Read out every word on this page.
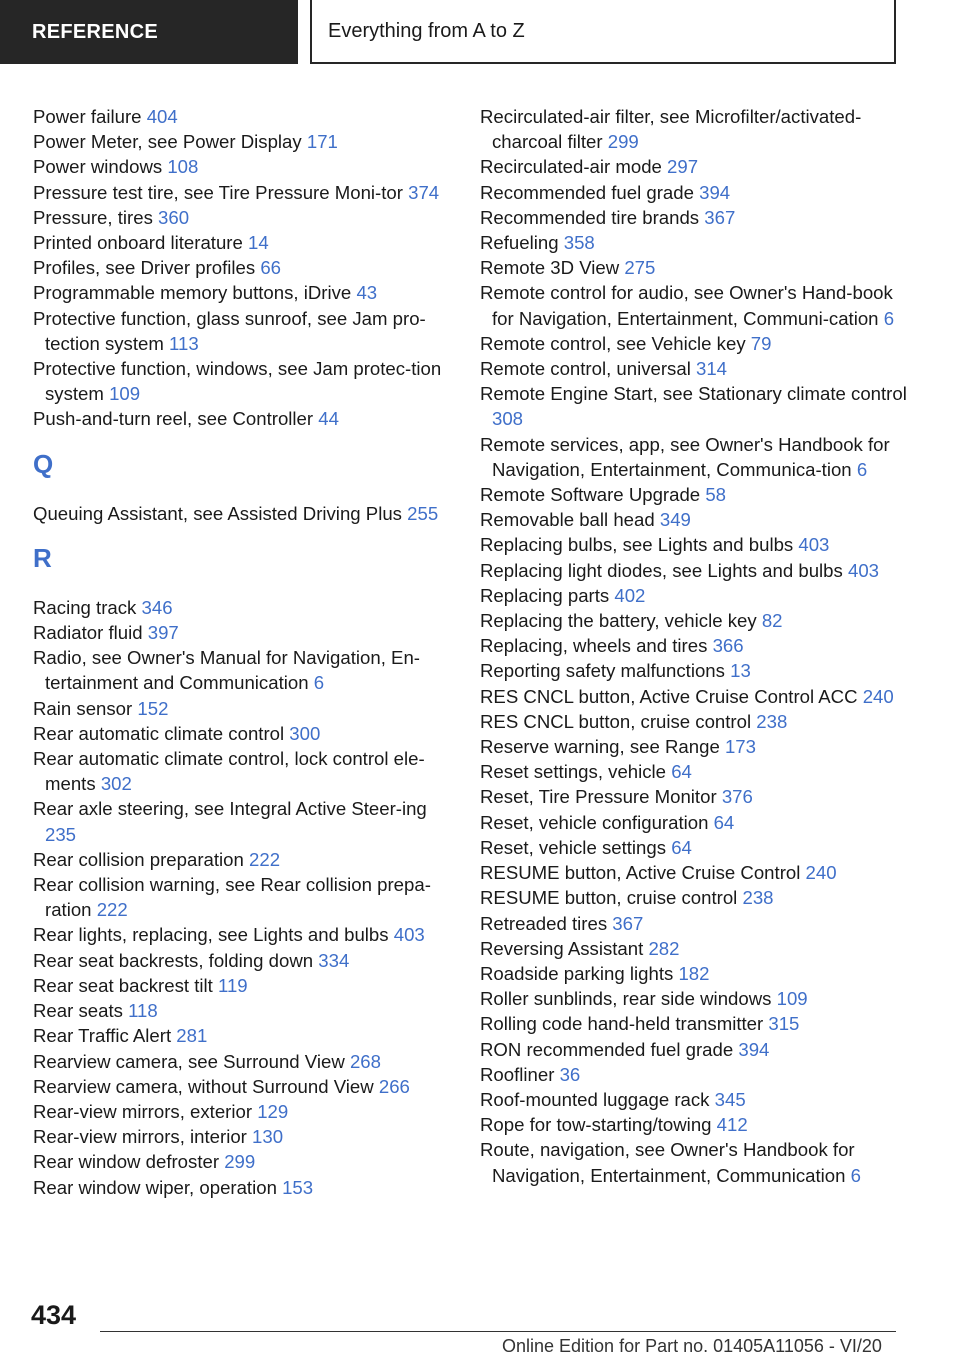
REFERENCE	Everything from A to Z
Power failure 404
Power Meter, see Power Display 171
Power windows 108
Pressure test tire, see Tire Pressure Moni‐tor 374
Pressure, tires 360
Printed onboard literature 14
Profiles, see Driver profiles 66
Programmable memory buttons, iDrive 43
Protective function, glass sunroof, see Jam pro‐tection system 113
Protective function, windows, see Jam protec‐tion system 109
Push-and-turn reel, see Controller 44
Q
Queuing Assistant, see Assisted Driving Plus 255
R
Racing track 346
Radiator fluid 397
Radio, see Owner's Manual for Navigation, En‐tertainment and Communication 6
Rain sensor 152
Rear automatic climate control 300
Rear automatic climate control, lock control ele‐ments 302
Rear axle steering, see Integral Active Steer‐ing 235
Rear collision preparation 222
Rear collision warning, see Rear collision prepa‐ration 222
Rear lights, replacing, see Lights and bulbs 403
Rear seat backrests, folding down 334
Rear seat backrest tilt 119
Rear seats 118
Rear Traffic Alert 281
Rearview camera, see Surround View 268
Rearview camera, without Surround View 266
Rear-view mirrors, exterior 129
Rear-view mirrors, interior 130
Rear window defroster 299
Rear window wiper, operation 153
Recirculated-air filter, see Microfilter/activated-charcoal filter 299
Recirculated-air mode 297
Recommended fuel grade 394
Recommended tire brands 367
Refueling 358
Remote 3D View 275
Remote control for audio, see Owner's Hand‐book for Navigation, Entertainment, Communi‐cation 6
Remote control, see Vehicle key 79
Remote control, universal 314
Remote Engine Start, see Stationary climate control 308
Remote services, app, see Owner's Handbook for Navigation, Entertainment, Communica‐tion 6
Remote Software Upgrade 58
Removable ball head 349
Replacing bulbs, see Lights and bulbs 403
Replacing light diodes, see Lights and bulbs 403
Replacing parts 402
Replacing the battery, vehicle key 82
Replacing, wheels and tires 366
Reporting safety malfunctions 13
RES CNCL button, Active Cruise Control ACC 240
RES CNCL button, cruise control 238
Reserve warning, see Range 173
Reset settings, vehicle 64
Reset, Tire Pressure Monitor 376
Reset, vehicle configuration 64
Reset, vehicle settings 64
RESUME button, Active Cruise Control 240
RESUME button, cruise control 238
Retreaded tires 367
Reversing Assistant 282
Roadside parking lights 182
Roller sunblinds, rear side windows 109
Rolling code hand-held transmitter 315
RON recommended fuel grade 394
Roofliner 36
Roof-mounted luggage rack 345
Rope for tow-starting/towing 412
Route, navigation, see Owner's Handbook for Navigation, Entertainment, Communication 6
434
Online Edition for Part no. 01405A11056 - VI/20
